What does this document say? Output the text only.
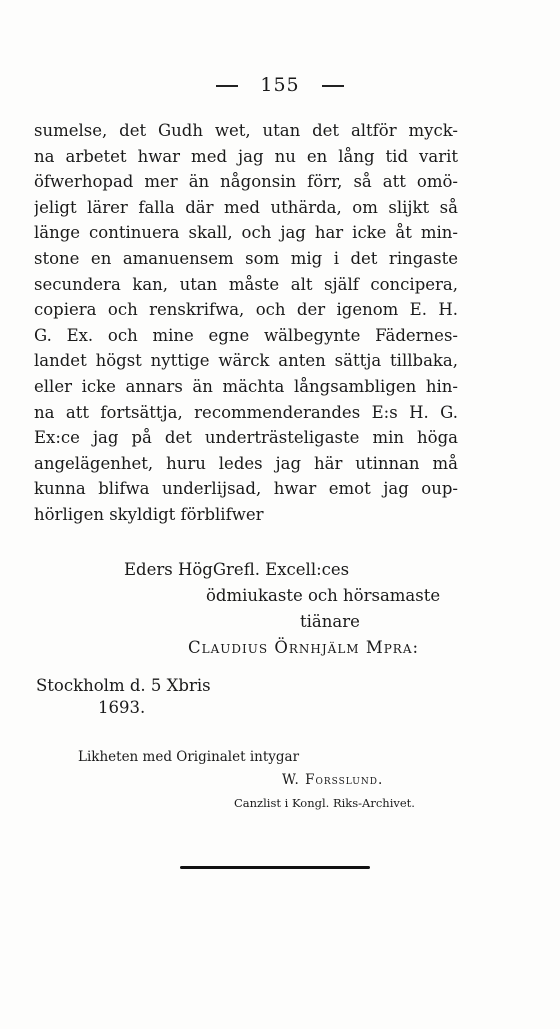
155
sumelse, det Gudh wet, utan det altför myck-
na arbetet hwar med jag nu en lång tid varit
öfwerhopad mer än någonsin förr, så att omö-
jeligt lärer falla där med uthärda, om slijkt så
länge continuera skall, och jag har icke åt min-
stone en amanuensem som mig i det ringaste
secundera kan, utan måste alt själf concipera,
copiera och renskrifwa, och der igenom E. H.
G. Ex. och mine egne wälbegynte Fädernes-
landet högst nyttige wärck anten sättja tillbaka,
eller icke annars än mächta långsambligen hin-
na att fortsättja, recommenderandes E:s H. G.
Ex:ce jag på det underträsteligaste min höga
angelägenhet, huru ledes jag här utinnan må
kunna blifwa underlijsad, hwar emot jag oup-
hörligen skyldigt förblifwer
Eders HögGrefl. Excell:ces
ödmiukaste och hörsamaste
tiänare
Claudius Örnhjälm Mpra:
Stockholm d. 5 Xbris
1693.
Likheten med Originalet intygar
W. Forsslund.
Canzlist i Kongl. Riks-Archivet.
